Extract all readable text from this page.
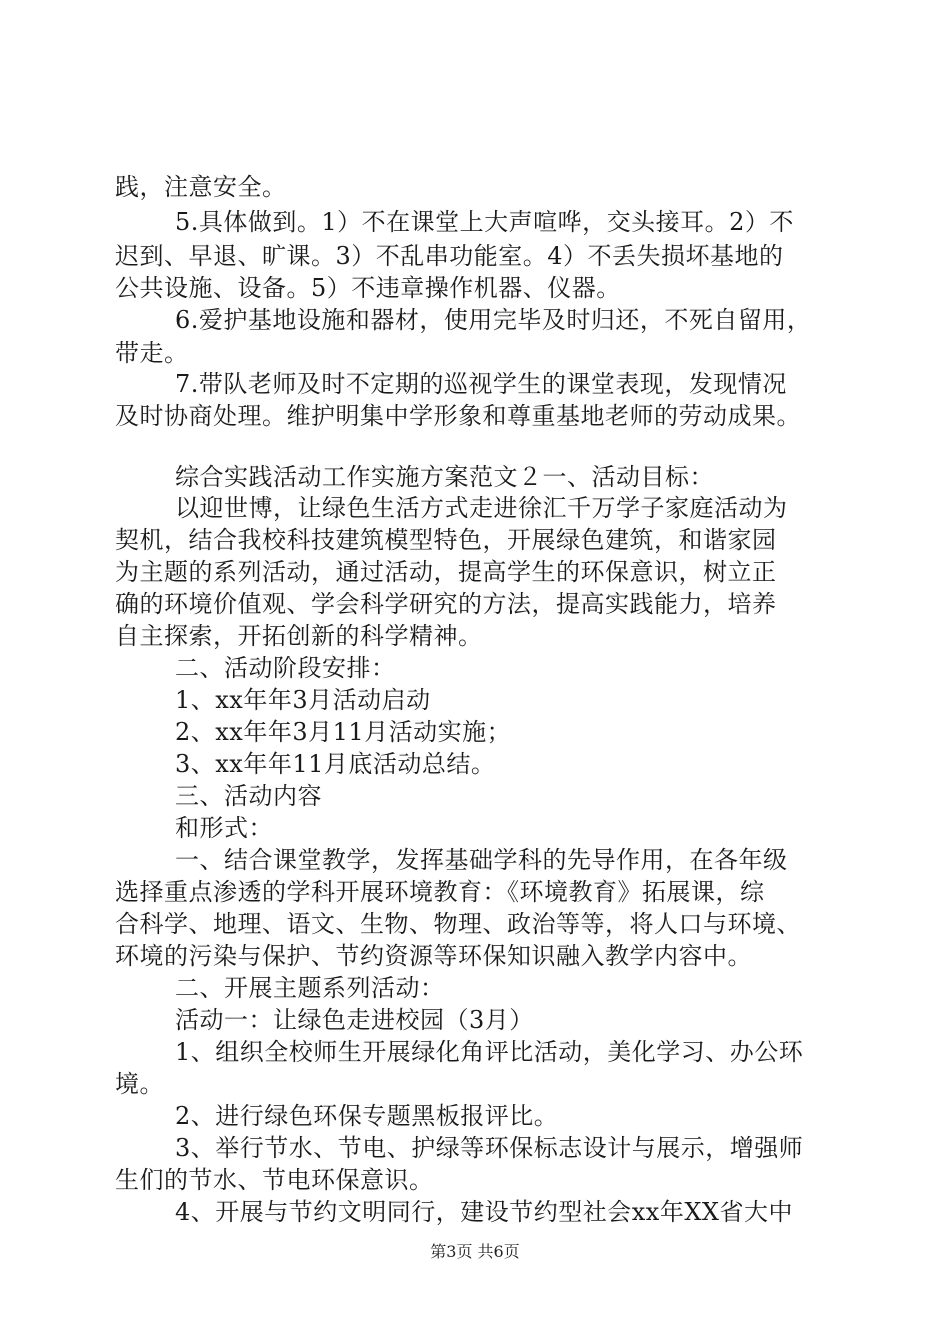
践，注意安全。
5.具体做到。1）不在课堂上大声喧哗，交头接耳。2）不
迟到、早退、旷课。3）不乱串功能室。4）不丢失损坏基地的
公共设施、设备。5）不违章操作机器、仪器。
6.爱护基地设施和器材，使用完毕及时归还，不死自留用，
带走。
7.带队老师及时不定期的巡视学生的课堂表现，发现情况
及时协商处理。维护明集中学形象和尊重基地老师的劳动成果。
综合实践活动工作实施方案范文２一、活动目标：
以迎世博，让绿色生活方式走进徐汇千万学子家庭活动为
契机，结合我校科技建筑模型特色，开展绿色建筑，和谐家园
为主题的系列活动，通过活动，提高学生的环保意识，树立正
确的环境价值观、学会科学研究的方法，提高实践能力，培养
自主探索，开拓创新的科学精神。
二、活动阶段安排：
1、xx年年3月活动启动
2、xx年年3月11月活动实施；
3、xx年年11月底活动总结。
三、活动内容
和形式：
一、结合课堂教学，发挥基础学科的先导作用，在各年级
选择重点渗透的学科开展环境教育：《环境教育》拓展课，综
合科学、地理、语文、生物、物理、政治等等，将人口与环境、
环境的污染与保护、节约资源等环保知识融入教学内容中。
二、开展主题系列活动：
活动一：让绿色走进校园（3月）
1、组织全校师生开展绿化角评比活动，美化学习、办公环
境。
2、进行绿色环保专题黑板报评比。
3、举行节水、节电、护绿等环保标志设计与展示，增强师
生们的节水、节电环保意识。
4、开展与节约文明同行，建设节约型社会xx年XX省大中
第3页 共6页
